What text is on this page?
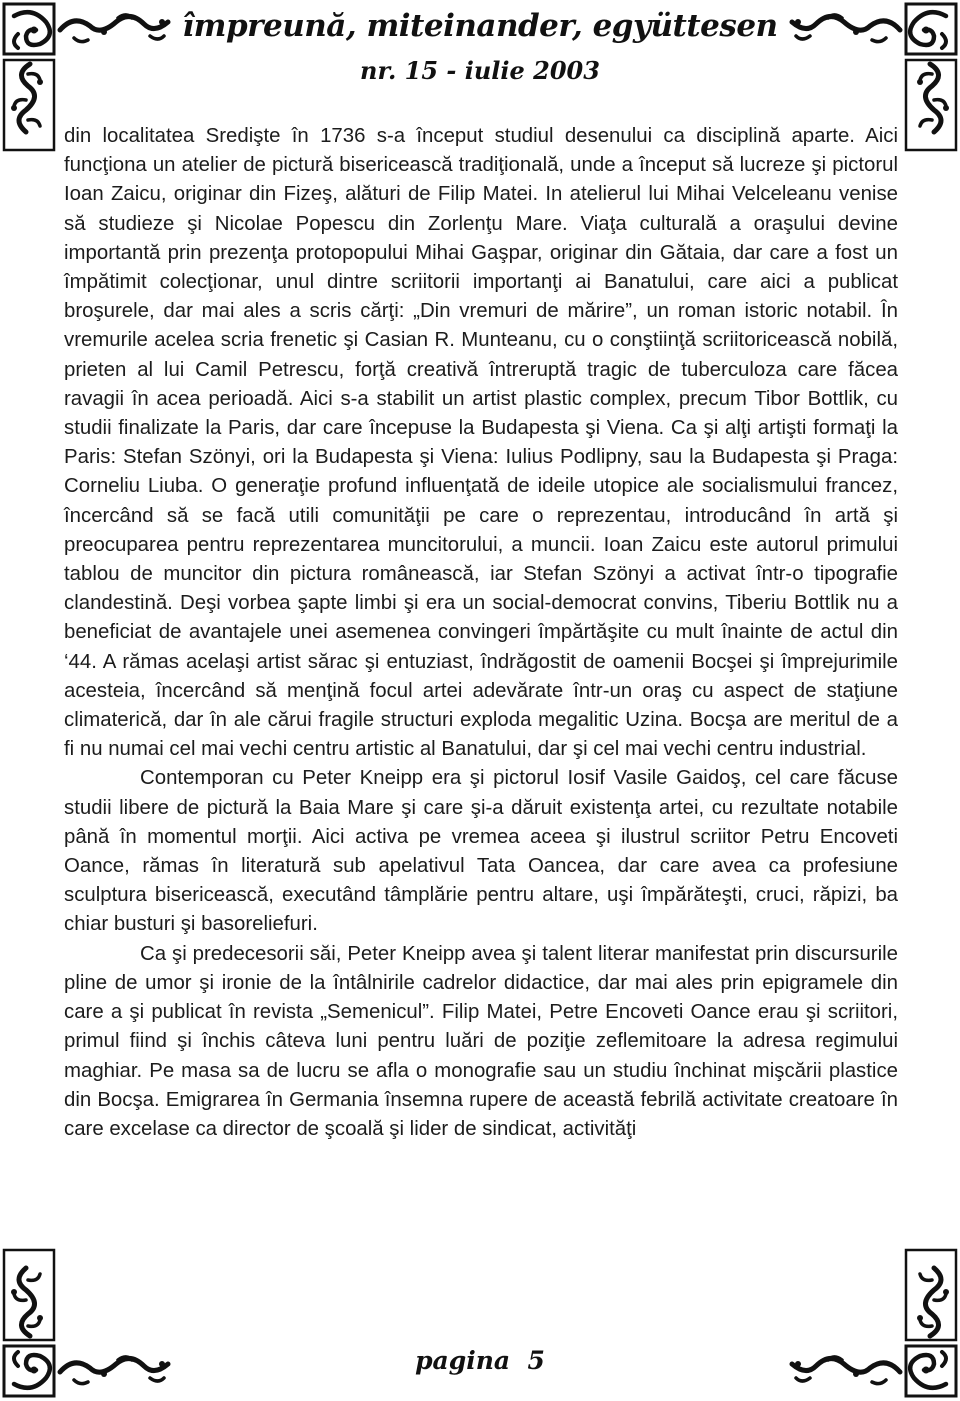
împreună, miteinander, együttesen
nr. 15 - iulie 2003

din localitatea Sredişte în 1736 s-a început studiul desenului ca disciplină aparte. Aici funcţiona un atelier de pictură bisericească tradiţională, unde a început să lucreze şi pictorul Ioan Zaicu, originar din Fizeş, alături de Filip Matei. In atelierul lui Mihai Velceleanu venise să studieze şi Nicolae Popescu din Zorlenţu Mare. Viaţa culturală a oraşului devine importantă prin prezenţa protopopului Mihai Gaşpar, originar din Gătaia, dar care a fost un împătimit colecţionar, unul dintre scriitorii importanţi ai Banatului, care aici a publicat broşurele, dar mai ales a scris cărţi: „Din vremuri de mărire”, un roman istoric notabil. În vremurile acelea scria frenetic şi Casian R. Munteanu, cu o conştiinţă scriitoricească nobilă, prieten al lui Camil Petrescu, forţă creativă întreruptă tragic de tuberculoza care făcea ravagii în acea perioadă. Aici s-a stabilit un artist plastic complex, precum Tibor Bottlik, cu studii finalizate la Paris, dar care începuse la Budapesta şi Viena. Ca şi alţi artişti formaţi la Paris: Stefan Szönyi, ori la Budapesta şi Viena: Iulius Podlipny, sau la Budapesta şi Praga: Corneliu Liuba. O generaţie profund influenţată de ideile utopice ale socialismului francez, încercând să se facă utili comunităţii pe care o reprezentau, introducând în artă şi preocuparea pentru reprezentarea muncitorului, a muncii. Ioan Zaicu este autorul primului tablou de muncitor din pictura românească, iar Stefan Szönyi a activat într-o tipografie clandestină. Deşi vorbea şapte limbi şi era un social-democrat convins, Tiberiu Bottlik nu a beneficiat de avantajele unei asemenea convingeri împărtăşite cu mult înainte de actul din ‘44. A rămas acelaşi artist sărac şi entuziast, îndrăgostit de oamenii Bocşei şi împrejurimile acesteia, încercând să menţină focul artei adevărate într-un oraş cu aspect de staţiune climaterică, dar în ale cărui fragile structuri exploda megalitic Uzina. Bocşa are meritul de a fi nu numai cel mai vechi centru artistic al Banatului, dar şi cel mai vechi centru industrial.

Contemporan cu Peter Kneipp era şi pictorul Iosif Vasile Gaidoş, cel care făcuse studii libere de pictură la Baia Mare şi care şi-a dăruit existenţa artei, cu rezultate notabile până în momentul morţii. Aici activa pe vremea aceea şi ilustrul scriitor Petru Encoveti Oance, rămas în literatură sub apelativul Tata Oancea, dar care avea ca profesiune sculptura bisericească, executând tâmplărie pentru altare, uşi împărăteşti, cruci, răpizi, ba chiar busturi şi basoreliefuri.

Ca şi predecesorii săi, Peter Kneipp avea şi talent literar manifestat prin discursurile pline de umor şi ironie de la întâlnirile cadrelor didactice, dar mai ales prin epigramele din care a şi publicat în revista „Semenicul”. Filip Matei, Petre Encoveti Oance erau şi scriitori, primul fiind şi închis câteva luni pentru luări de poziţie zeflemitoare la adresa regimului maghiar. Pe masa sa de lucru se afla o monografie sau un studiu închinat mişcării plastice din Bocşa. Emigrarea în Germania însemna rupere de această febrilă activitate creatoare în care excelase ca director de şcoală şi lider de sindicat, activităţi

pagina  5
